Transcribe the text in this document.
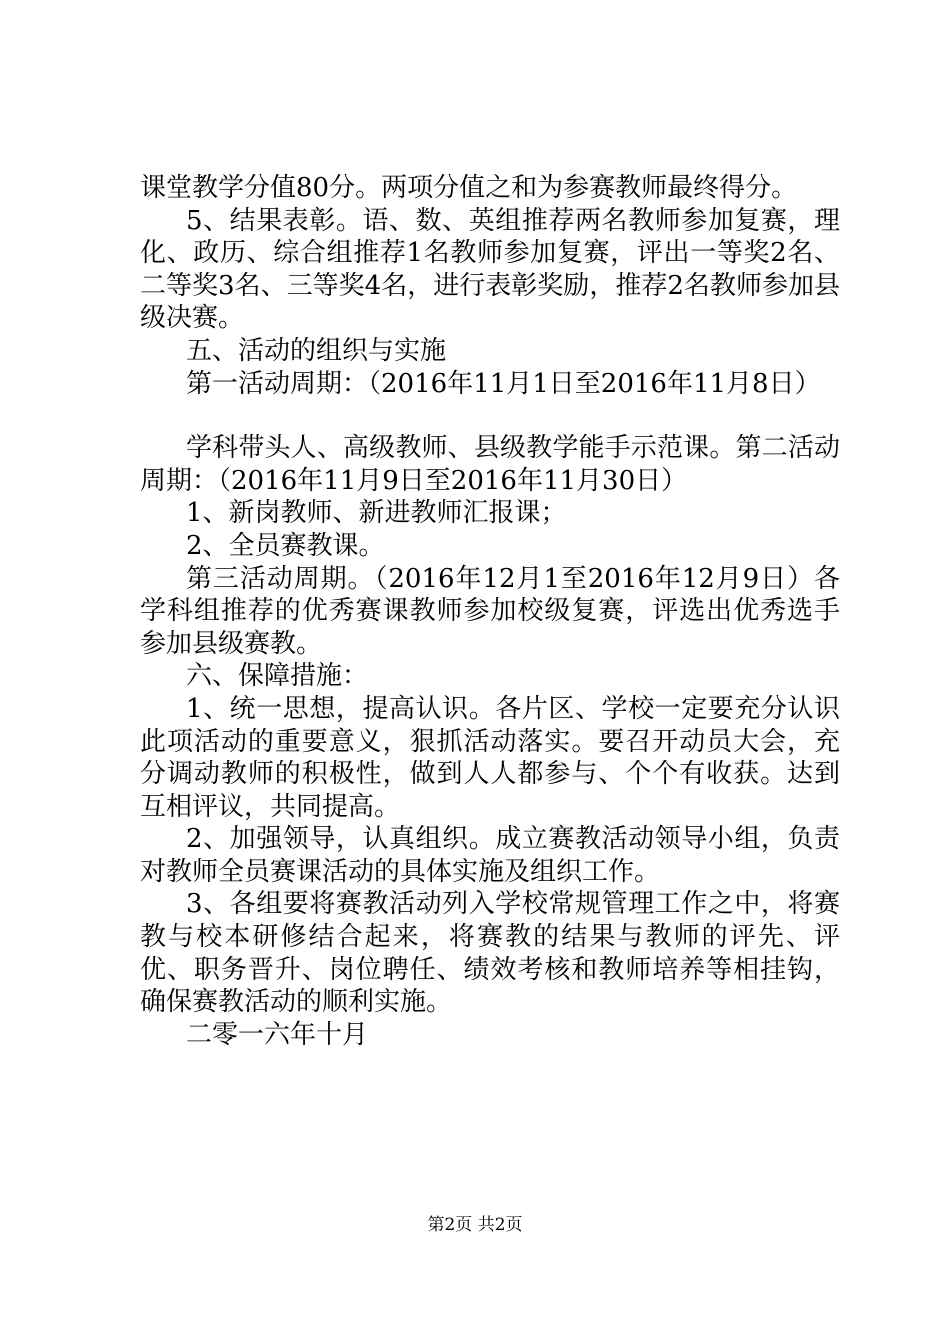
课堂教学分值80分。两项分值之和为参赛教师最终得分。

5、结果表彰。语、数、英组推荐两名教师参加复赛，理化、政历、综合组推荐1名教师参加复赛，评出一等奖2名、二等奖3名、三等奖4名，进行表彰奖励，推荐2名教师参加县级决赛。

五、活动的组织与实施

第一活动周期：（2016年11月1日至2016年11月8日）

学科带头人、高级教师、县级教学能手示范课。第二活动周期：（2016年11月9日至2016年11月30日）

1、新岗教师、新进教师汇报课；

2、全员赛教课。

第三活动周期。（2016年12月1至2016年12月9日）各学科组推荐的优秀赛课教师参加校级复赛，评选出优秀选手参加县级赛教。

六、保障措施：

1、统一思想，提高认识。各片区、学校一定要充分认识此项活动的重要意义，狠抓活动落实。要召开动员大会，充分调动教师的积极性，做到人人都参与、个个有收获。达到互相评议，共同提高。

2、加强领导，认真组织。成立赛教活动领导小组，负责对教师全员赛课活动的具体实施及组织工作。

3、各组要将赛教活动列入学校常规管理工作之中，将赛教与校本研修结合起来，将赛教的结果与教师的评先、评优、职务晋升、岗位聘任、绩效考核和教师培养等相挂钩，确保赛教活动的顺利实施。

二零一六年十月

第2页 共2页
